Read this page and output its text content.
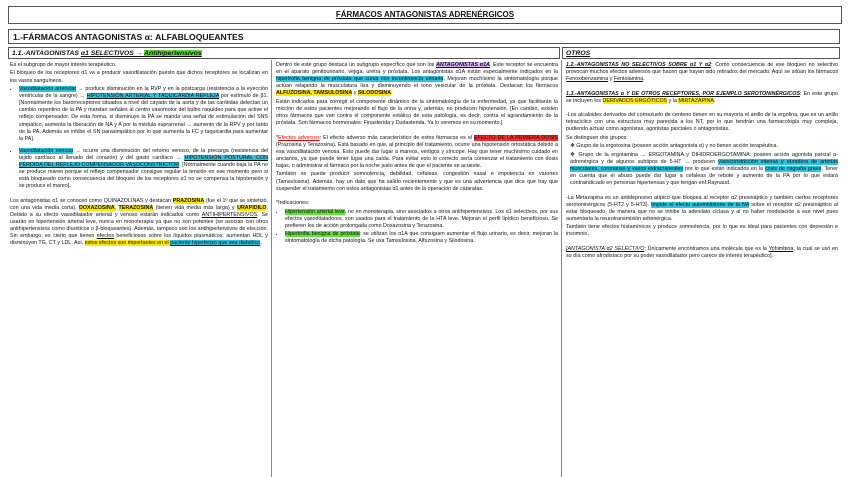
FÁRMACOS ANTAGONISTAS ADRENÉRGICOS
1.-FÁRMACOS ANTAGONISTAS α: ALFABLOQUEANTES
1.1.-ANTAGONISTAS α1 SELECTIVOS → Antihipertensivos	OTROS

Es el subgrupo de mayor interés terapéutico.

El bloqueo de los receptores α1 va a producir vasodilatación puesto que dichos receptores se localizan en los vasos sanguíneos.

• Vasodilatación arteriolar → produce disminución en la RVP y en la postcarga (resistencia a la eyección ventricular de la sangre) → HIPOTENSIÓN ARTERIAL Y TAQUICARDIA REFLEJA por estímulo de β1. [Normalmente los barorreceptores situados a nivel del cayado de la aorta y de las carótidas detectan un cambio repentino de la PA y mandan señales al centro vasomotor del bulbo raquídeo para que active el reflejo compensador. De esta forma, si disminuye la PA se manda una señal de estimulación del SNS simpático, aumenta la liberación de NA y A por la médula suprarrenal → aumento de la RPV y por tanto de la PA. Además se inhibe el SN parasimpático por lo que aumenta la FC y taquicardia para aumentar la PA].
• Vasodilatación venosa → ocurre una disminución del retorno venoso, de la precarga (resistencia del tejido cardíaco al llenado del corazón) y del gasto cardíaco → HIPOTENSIÓN POSTURAL CON PÉRDIDA DEL REFLEJO COMPENSADOR VASOCONSTRICTOR. [Normalmente cuando baja la PA no se produce mareo porque el reflejo compensador consigue regular la tensión en ese momento pero si está bloqueado como consecuencia del bloqueo de los receptores α1 no se compensa la hipotensión y se produce el mareo].

Los antagonistas α1 se conocen como QUINAZOLINAS y destacan PRAZOSINA (fue el 1º que se sintetizó, con una vida media corta), DOXAZOSINA, TERAZOSINA (tienen vida media más larga) y URAPIDILO. Debido a su efecto vasodilatador arterial y venoso estarán indicados como ANTIHIPERTENSIVOS. Se usarán en hipertensión arterial leve, nunca en monoterapia ya que no son potentes (se asocian con otros antihipertensivos como diuréticos o β-bloqueantes). Además, tampoco son los antihipertensivos de elección. Sin embargo, es cierto que tienen efectos beneficiosos sobre los líquidos plasmáticos: aumentan HDL y disminuyen TG, CT y LDL. Así, estos efectos son importantes en el paciente hipertenso que sea diabético.

Dentro de este grupo destaca un subgrupo específico que son los ANTAGONISTAS α1A. Este receptor se encuentra en el aparato genitourinario, vejiga, uretra y próstata. Los antagonistas α1A están especialmente indicados en la hipertrofia benigna de próstata que cursa con incontinencia urinaria. Mejoran muchísimo la sintomatología porque actúan relajando la musculatura lisa y disminuyendo el tono vesicular de la próstata. Destacan los fármacos ALFUZOSINA, TAMSULOSINA y SILODOSINA.

Están indicados para corregir el componente dinámico de la sintomatología de la enfermedad, ya que facilitarán la micción de estos pacientes mejorando el flujo de la orina y, además, no producen hipotensión. [En cambio, existen otros fármacos que van contra el componente estático de esta patología, es decir, contra el agrandamiento de la próstata. Son fármacos hormonales: Finasterida y Dudasterida. Ya lo veremos en su momento.]

*Efectos adversos: El efecto adverso más característico de estos fármacos es el EFECTO DE LA PRIMERA DOSIS (Prazosina y Terazosina). Está basado en que, al principio del tratamiento, ocurre una hipotensión ortostática debido a esa vasodilatación venosa. Esto puede dar lugar a mareos, vértigos y síncope. Hay que tener muchísimo cuidado en ancianos, ya que puede tener lugar una caída. Para evitar esto lo correcto sería comenzar el tratamiento con dosis bajas, o administrar el fármaco por la noche justo antes de que el paciente se acueste.

También se puede producir somnolencia, debilidad, cefaleas, congestión nasal e impotencia en varones (Tamsulosina). Además, hay un dato que ha salido recientemente y que es una advertencia que dice que hay que suspender el tratamiento con estos antagonistas α1 antes de la operación de cataratas.

*Indicaciones:

• Hipertensión arterial leve, no en monoterapia, sino asociados a otros antihipertensivos. Los α1 selectivos, por sus efectos vasodilatadores, son usados para el tratamiento de la HTA leve. Mejoran el perfil lipídico beneficioso. Se prefieren los de acción prolongada como Doxazosina y Terazosina.
• Hipertrofia benigna de próstata: se utilizan los α1A que consiguen aumentar el flujo urinario, es decir, mejoran la sintomatología de dicha patología. Se usa Tamsulosina, Alfuzosina y Silodosina.

1.2.-ANTAGONISTAS NO SELECTIVOS SOBRE α1 Y α2: Como consecuencia de ese bloqueo no selectivo provocan muchos efectos adversos que hacen que hayan sido retirados del mercado. Aquí se sitúan los fármacos Fenoxibenzamina y Fentolamina.

1.3.-ANTAGONISTAS α Y DE OTROS RECEPTORES, POR EJEMPLO SEROTONINÉRGICOS: En este grupo se incluyen los DERIVADOS ERGÓTICOS y la MIRTAZAPINA.

-Los alcaloides derivados del cornezuelo de centeno tienen en su mayoría el anillo de la ergolina, que es un anillo tetracíclico con una estructura muy parecida a los NT, por lo que tendrán una farmacología muy compleja, pudiendo actuar como agonistas, agonistas parciales o antagonistas.

Se distinguen dos grupos:

❖ Grupo de la ergotoxina (poseen acción antagonista α) y no tienen acción terapéutica.
❖ Grupo de la ergotamina → ERGOTAMINA y DIHIDROERGOTAMINA: poseen acción agonista parcial α-adrenérgica y de algunos subtipos de 5-HT → producen vasoconstricción intensa y duradera de arterias musculares, coronarias y vasos extracraneales por lo que están indicados en la crisis de migraña grave. Tener en cuenta que el abuso puede dar lugar a cefaleas de rebote y aumento de la PA por lo que estará contraindicado en personas hipertensas y que tengan enf.Raynaud.

-La Mirtazapina es un antidepresivo atípico que bloquea al receptor α2 presináptico y también ciertos receptores serotoninérgicos (5-HT2 y 5-HT3). Impide el efecto autoinhibitorio de la NA sobre el receptor α2 presináptico al estar bloqueado, de manera que no se inhibe la adenilato ciclasa y al no haber modulación a ese nivel pues aumentaría la neurotransmisión adrenérgica.

También tiene efectos histamínicos y produce somnolencia, por lo que es ideal para pacientes con depresión e insomnio.

[ANTAGONISTA α2 SELECTIVO: Únicamente encontramos una molécula que es la Yohimbina, la cual se usó en su día como afrodisíaco por su poder vasodilatador pero carece de interés terapéutico].
